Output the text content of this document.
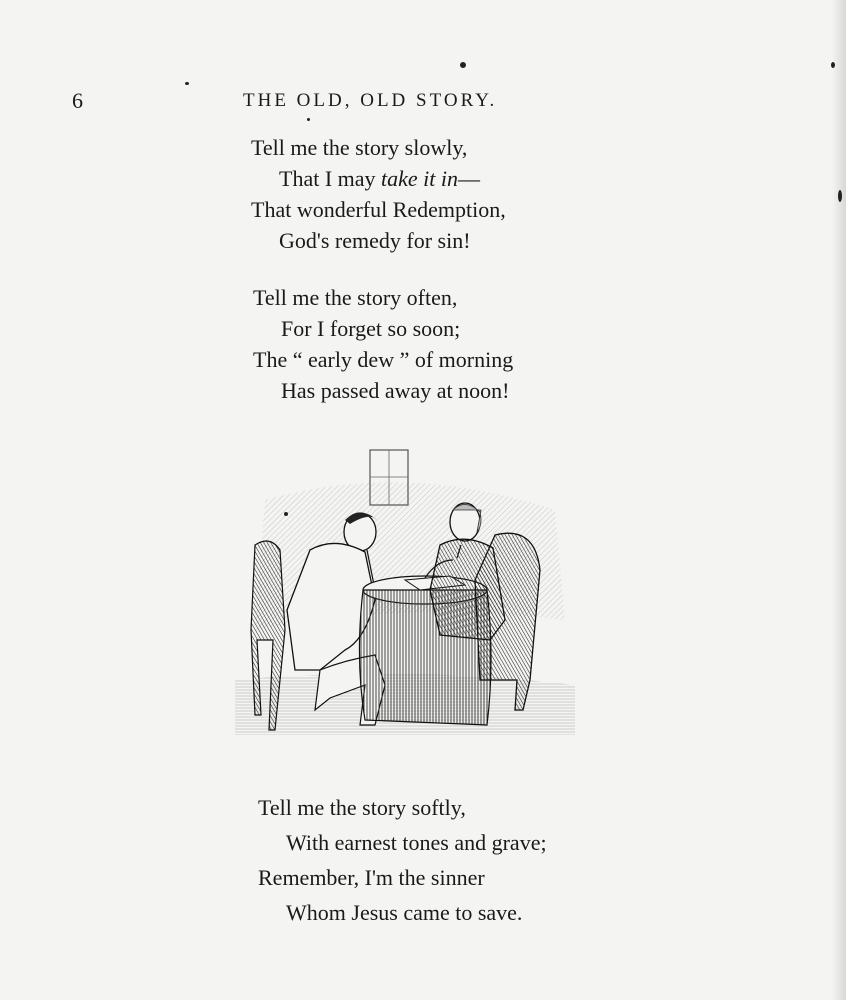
6	THE OLD, OLD STORY.
Tell me the story slowly,
That I may take it in—
That wonderful Redemption,
God's remedy for sin!
Tell me the story often,
For I forget so soon;
The “ early dew ” of morning
Has passed away at noon!
Tell me the story softly,
With earnest tones and grave;
Remember, I'm the sinner
Whom Jesus came to save.
